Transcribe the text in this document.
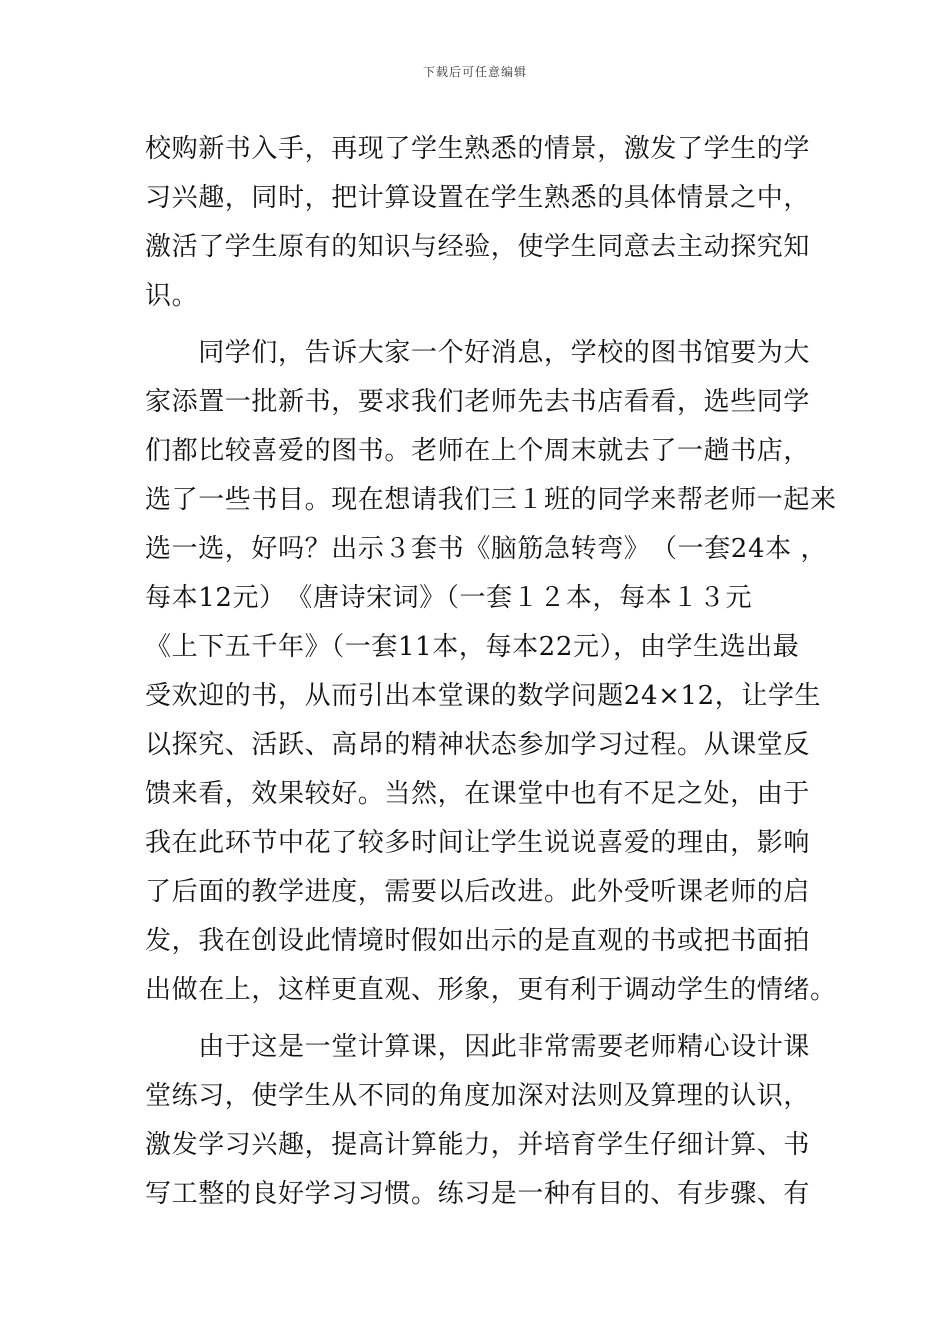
下载后可任意编辑
校购新书入手，再现了学生熟悉的情景，激发了学生的学
习兴趣，同时，把计算设置在学生熟悉的具体情景之中，
激活了学生原有的知识与经验，使学生同意去主动探究知
识。
　　同学们，告诉大家一个好消息，学校的图书馆要为大
家添置一批新书，要求我们老师先去书店看看，选些同学
们都比较喜爱的图书。老师在上个周末就去了一趟书店，
选了一些书目。现在想请我们三１班的同学来帮老师一起来
选一选，好吗？出示３套书《脑筋急转弯》　（一套24本 ，
每本12元）　《唐诗宋词》（一套１２本，每本１３元
《上下五千年》（一套11本，每本22元），由学生选出最
受欢迎的书，从而引出本堂课的数学问题24×12，让学生
以探究、活跃、高昂的精神状态参加学习过程。从课堂反
馈来看，效果较好。当然，在课堂中也有不足之处，由于
我在此环节中花了较多时间让学生说说喜爱的理由，影响
了后面的教学进度，需要以后改进。此外受听课老师的启
发，我在创设此情境时假如出示的是直观的书或把书面拍
出做在上，这样更直观、形象，更有利于调动学生的情绪。
　　由于这是一堂计算课，因此非常需要老师精心设计课
堂练习，使学生从不同的角度加深对法则及算理的认识，
激发学习兴趣，提高计算能力，并培育学生仔细计算、书
写工整的良好学习习惯。练习是一种有目的、有步骤、有
